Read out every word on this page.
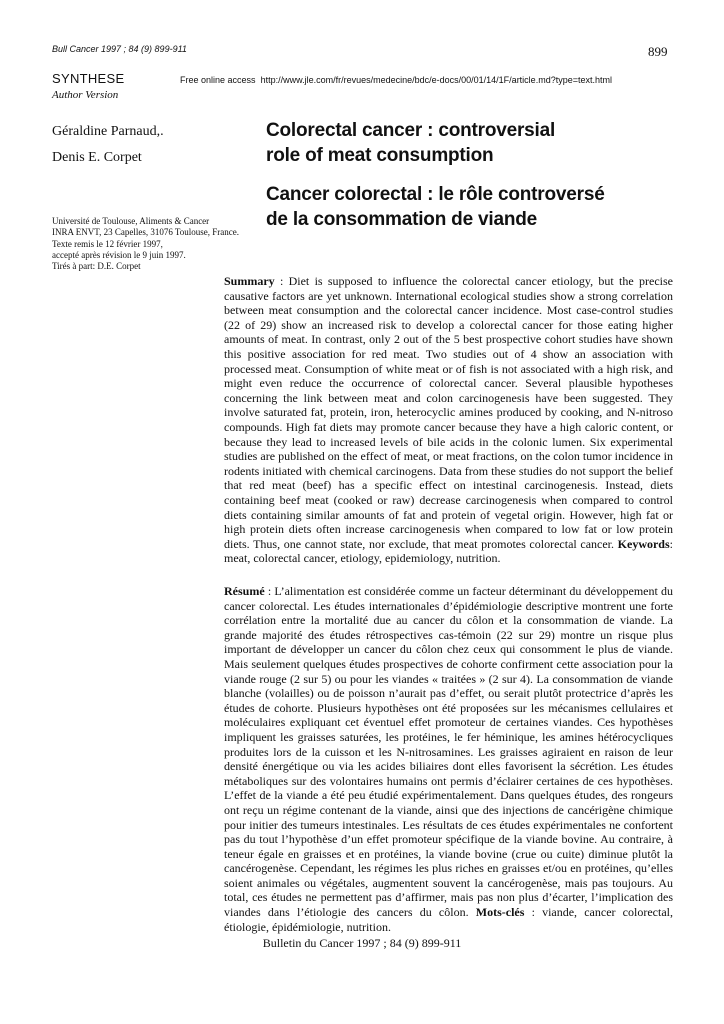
Bull Cancer 1997 ; 84 (9) 899-911	899
SYNTHESE
Author Version
Free online access http://www.jle.com/fr/revues/medecine/bdc/e-docs/00/01/14/1F/article.md?type=text.html
Géraldine Parnaud,.
Denis E. Corpet
Colorectal cancer : controversial
role of meat consumption
Cancer colorectal : le rôle controversé
de la consommation de viande
Université de Toulouse, Aliments & Cancer
INRA ENVT, 23 Capelles, 31076 Toulouse, France.
Texte remis le 12 février 1997,
accepté après révision le 9 juin 1997.
Tirés à part: D.E. Corpet
Summary : Diet is supposed to influence the colorectal cancer etiology, but the precise causative factors are yet unknown. International ecological studies show a strong correlation between meat consumption and the colorectal cancer incidence. Most case-control studies (22 of 29) show an increased risk to develop a colorectal cancer for those eating higher amounts of meat. In contrast, only 2 out of the 5 best prospective cohort studies have shown this positive association for red meat. Two studies out of 4 show an association with processed meat. Consumption of white meat or of fish is not associated with a high risk, and might even reduce the occurrence of colorectal cancer. Several plausible hypotheses concerning the link between meat and colon carcinogenesis have been suggested. They involve saturated fat, protein, iron, heterocyclic amines produced by cooking, and N-nitroso compounds. High fat diets may promote cancer because they have a high caloric content, or because they lead to increased levels of bile acids in the colonic lumen. Six experimental studies are published on the effect of meat, or meat fractions, on the colon tumor incidence in rodents initiated with chemical carcinogens. Data from these studies do not support the belief that red meat (beef) has a specific effect on intestinal carcinogenesis. Instead, diets containing beef meat (cooked or raw) decrease carcinogenesis when compared to control diets containing similar amounts of fat and protein of vegetal origin. However, high fat or high protein diets often increase carcinogenesis when compared to low fat or low protein diets. Thus, one cannot state, nor exclude, that meat promotes colorectal cancer. Keywords: meat, colorectal cancer, etiology, epidemiology, nutrition.
Résumé : L’alimentation est considérée comme un facteur déterminant du développement du cancer colorectal. Les études internationales d’épidémiologie descriptive montrent une forte corrélation entre la mortalité due au cancer du côlon et la consommation de viande. La grande majorité des études rétrospectives cas-témoin (22 sur 29) montre un risque plus important de développer un cancer du côlon chez ceux qui consomment le plus de viande. Mais seulement quelques études prospectives de cohorte confirment cette association pour la viande rouge (2 sur 5) ou pour les viandes « traitées » (2 sur 4). La consommation de viande blanche (volailles) ou de poisson n’aurait pas d’effet, ou serait plutôt protectrice d’après les études de cohorte. Plusieurs hypothèses ont été proposées sur les mécanismes cellulaires et moléculaires expliquant cet éventuel effet promoteur de certaines viandes. Ces hypothèses impliquent les graisses saturées, les protéines, le fer héminique, les amines hétérocycliques produites lors de la cuisson et les N-nitrosamines. Les graisses agiraient en raison de leur densité énergétique ou via les acides biliaires dont elles favorisent la sécrétion. Les études métaboliques sur des volontaires humains ont permis d’éclairer certaines de ces hypothèses. L’effet de la viande a été peu étudié expérimentalement. Dans quelques études, des rongeurs ont reçu un régime contenant de la viande, ainsi que des injections de cancérigène chimique pour initier des tumeurs intestinales. Les résultats de ces études expérimentales ne confortent pas du tout l’hypothèse d’un effet promoteur spécifique de la viande bovine. Au contraire, à teneur égale en graisses et en protéines, la viande bovine (crue ou cuite) diminue plutôt la cancérogenèse. Cependant, les régimes les plus riches en graisses et/ou en protéines, qu’elles soient animales ou végétales, augmentent souvent la cancérogenèse, mais pas toujours. Au total, ces études ne permettent pas d’affirmer, mais pas non plus d’écarter, l’implication des viandes dans l’étiologie des cancers du côlon. Mots-clés : viande, cancer colorectal, étiologie, épidémiologie, nutrition.
Bulletin du Cancer 1997 ; 84 (9) 899-911
